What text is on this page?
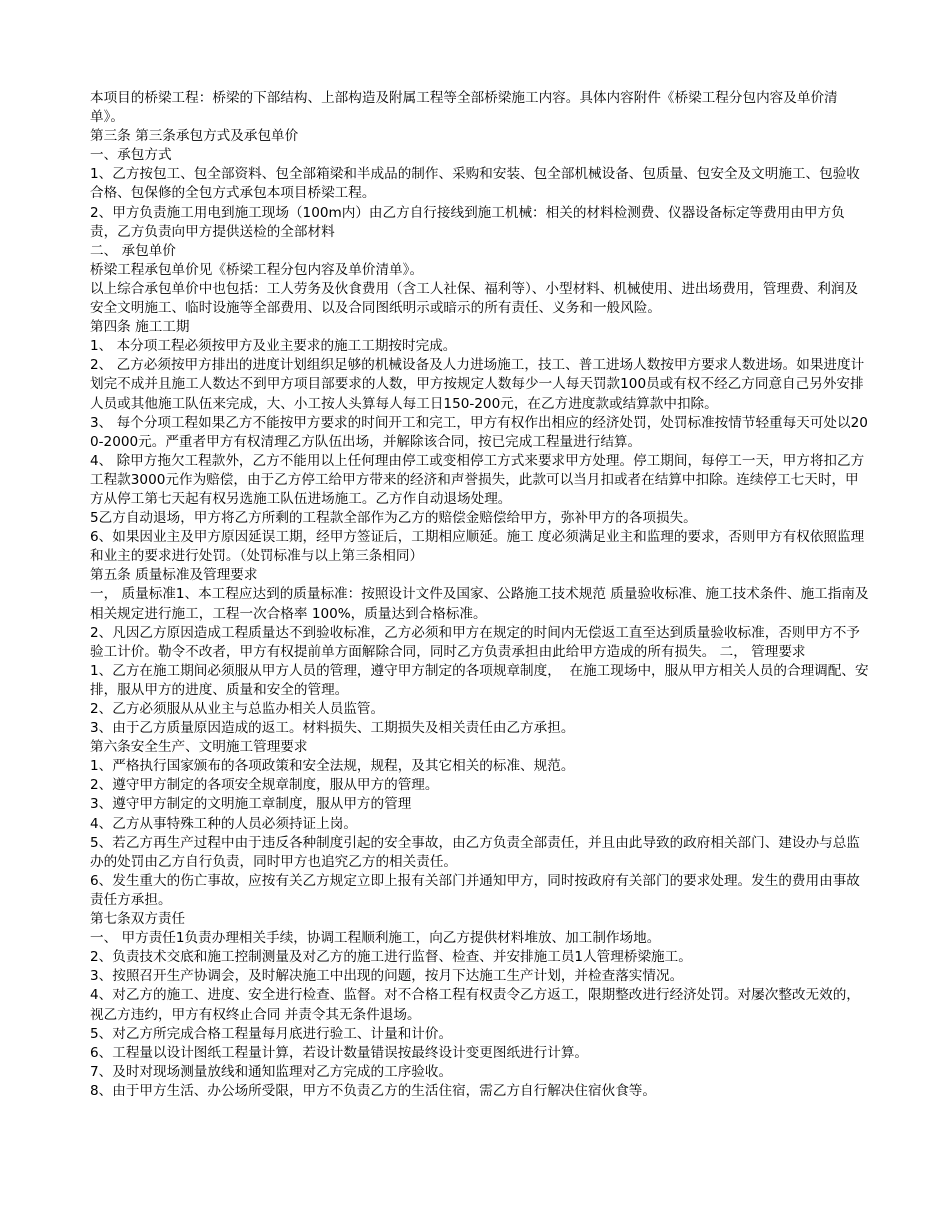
本项目的桥梁工程：桥梁的下部结构、上部构造及附属工程等全部桥梁施工内容。具体内容附件《桥梁工程分包内容及单价清单》。

第三条 第三条承包方式及承包单价

一、承包方式

1、乙方按包工、包全部资料、包全部箱梁和半成品的制作、采购和安装、包全部机械设备、包质量、包安全及文明施工、包验收合格、包保修的全包方式承包本项目桥梁工程。

2、甲方负责施工用电到施工现场（100m内）由乙方自行接线到施工机械：相关的材料检测费、仪器设备标定等费用由甲方负责，乙方负责向甲方提供送检的全部材料

二、 承包单价

桥梁工程承包单价见《桥梁工程分包内容及单价清单》。

以上综合承包单价中也包括：工人劳务及伙食费用（含工人社保、福利等）、小型材料、机械使用、进出场费用，管理费、利润及安全文明施工、临时设施等全部费用、以及合同图纸明示或暗示的所有责任、义务和一般风险。

第四条 施工工期

1、 本分项工程必须按甲方及业主要求的施工工期按时完成。

2、 乙方必须按甲方排出的进度计划组织足够的机械设备及人力进场施工，技工、普工进场人数按甲方要求人数进场。如果进度计划完不成并且施工人数达不到甲方项目部要求的人数，甲方按规定人数每少一人每天罚款100员或有权不经乙方同意自己另外安排人员或其他施工队伍来完成，大、小工按人头算每人每工日150-200元，在乙方进度款或结算款中扣除。

3、 每个分项工程如果乙方不能按甲方要求的时间开工和完工，甲方有权作出相应的经济处罚，处罚标准按情节轻重每天可处以200-2000元。严重者甲方有权清理乙方队伍出场，并解除该合同，按已完成工程量进行结算。

4、 除甲方拖欠工程款外，乙方不能用以上任何理由停工或变相停工方式来要求甲方处理。停工期间，每停工一天，甲方将扣乙方工程款3000元作为赔偿，由于乙方停工给甲方带来的经济和声誉损失，此款可以当月扣或者在结算中扣除。连续停工七天时，甲方从停工第七天起有权另选施工队伍进场施工。乙方作自动退场处理。

5乙方自动退场，甲方将乙方所剩的工程款全部作为乙方的赔偿金赔偿给甲方，弥补甲方的各项损失。

6、如果因业主及甲方原因延误工期，经甲方签证后，工期相应顺延。施工 度必须满足业主和监理的要求，否则甲方有权依照监理和业主的要求进行处罚。（处罚标准与以上第三条相同）

第五条 质量标准及管理要求

一， 质量标准1、本工程应达到的质量标准：按照设计文件及国家、公路施工技术规范 质量验收标准、施工技术条件、施工指南及相关规定进行施工，工程一次合格率 100%，质量达到合格标准。

2、凡因乙方原因造成工程质量达不到验收标准，乙方必须和甲方在规定的时间内无偿返工直至达到质量验收标准，否则甲方不予验工计价。勒令不改者，甲方有权提前单方面解除合同，同时乙方负责承担由此给甲方造成的所有损失。 二， 管理要求

1、乙方在施工期间必须服从甲方人员的管理，遵守甲方制定的各项规章制度，  在施工现场中，服从甲方相关人员的合理调配、安排，服从甲方的进度、质量和安全的管理。

2、乙方必须服从从业主与总监办相关人员监管。

3、由于乙方质量原因造成的返工。材料损失、工期损失及相关责任由乙方承担。

第六条安全生产、文明施工管理要求

1、严格执行国家颁布的各项政策和安全法规，规程，及其它相关的标准、规范。

2、遵守甲方制定的各项安全规章制度，服从甲方的管理。

3、遵守甲方制定的文明施工章制度，服从甲方的管理

4、乙方从事特殊工种的人员必须持证上岗。

5、若乙方再生产过程中由于违反各种制度引起的安全事故，由乙方负责全部责任，并且由此导致的政府相关部门、建设办与总监办的处罚由乙方自行负责，同时甲方也追究乙方的相关责任。

6、发生重大的伤亡事故，应按有关乙方规定立即上报有关部门并通知甲方，同时按政府有关部门的要求处理。发生的费用由事故责任方承担。

第七条双方责任

一、 甲方责任1负责办理相关手续，协调工程顺利施工，向乙方提供材料堆放、加工制作场地。

2、负责技术交底和施工控制测量及对乙方的施工进行监督、检查、并安排施工员1人管理桥梁施工。

3、按照召开生产协调会，及时解决施工中出现的问题，按月下达施工生产计划，并检查落实情况。

4、对乙方的施工、进度、安全进行检查、监督。对不合格工程有权责令乙方返工，限期整改进行经济处罚。对屡次整改无效的，视乙方违约，甲方有权终止合同 并责令其无条件退场。

5、对乙方所完成合格工程量每月底进行验工、计量和计价。

6、工程量以设计图纸工程量计算，若设计数量错误按最终设计变更图纸进行计算。

7、及时对现场测量放线和通知监理对乙方完成的工序验收。

8、由于甲方生活、办公场所受限，甲方不负责乙方的生活住宿，需乙方自行解决住宿伙食等。
